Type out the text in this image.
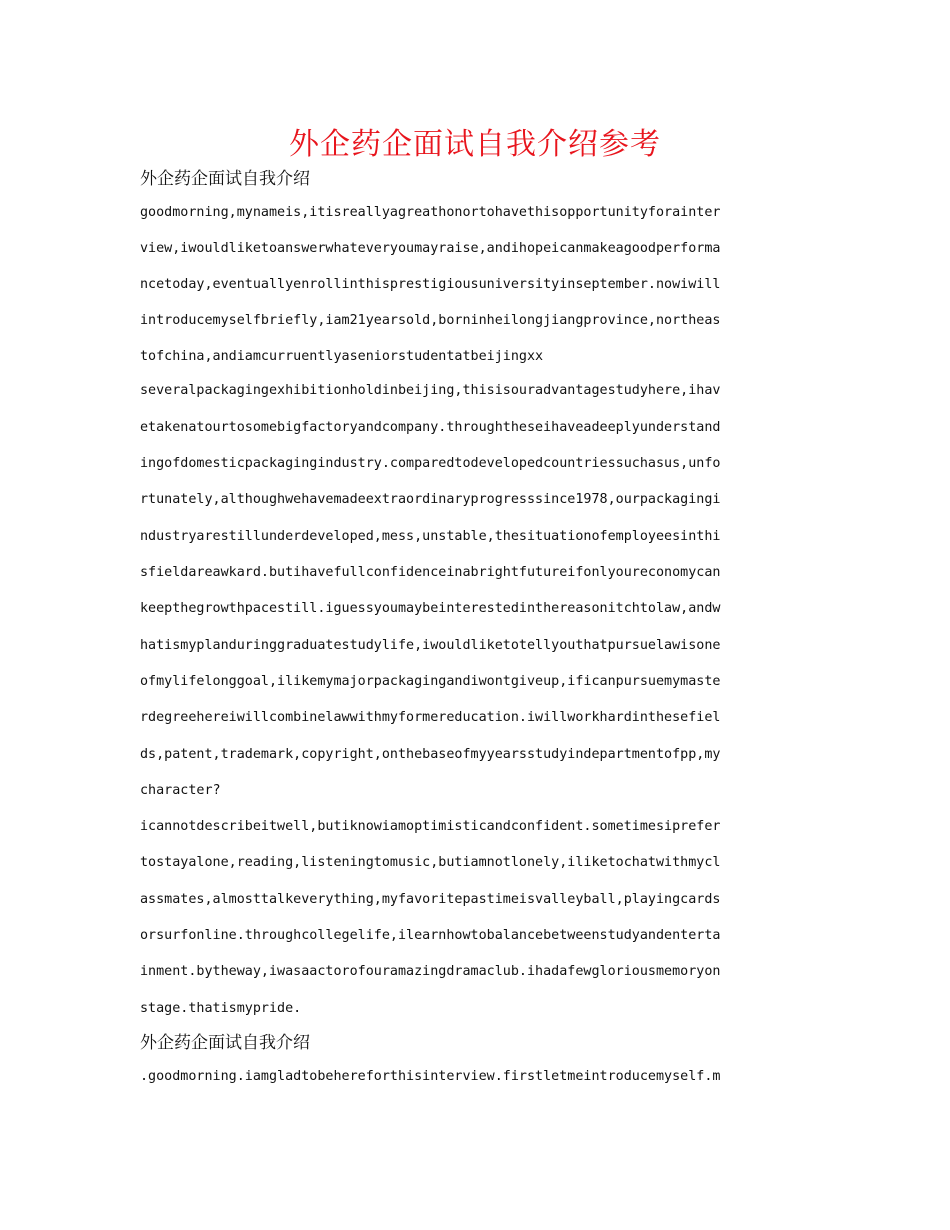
外企药企面试自我介绍参考
外企药企面试自我介绍
goodmorning,mynameis,itisreallyagreathonortohavethisopportunityforainter
view,iwouldliketoanswerwhateveryoumayraise,andihopeicanmakeagoodperforma
ncetoday,eventuallyenrollinthisprestigiousuniversityinseptember.nowiwill
introducemyselfbriefly,iam21yearsold,borninheilongjiangprovince,northeas
tofchina,andiamcurruentlyaseniorstudentatbeijingxx
severalpackagingexhibitionholdinbeijing,thisisouradvantagestudyhere,ihav
etakenatourtosomebigfactoryandcompany.throughtheseihaveadeeplyunderstand
ingofdomesticpackagingindustry.comparedtodevelopedcountriessuchasus,unfo
rtunately,althoughwehavemadeextraordinaryprogresssince1978,ourpackagingi
ndustryarestillunderdeveloped,mess,unstable,thesituationofemployeesinthi
sfieldareawkard.butihavefullconfidenceinabrightfutureifonlyoureconomycan
keepthegrowthpacestill.iguessyoumaybeinterestedinthereasonitchtolaw,andw
hatismyplanduringgraduatestudylife,iwouldliketotellyouthatpursuelawisone
ofmylifelonggoal,ilikemymajorpackagingandiwontgiveup,ificanpursuemymaste
rdegreehereiwillcombinelawwithmyformereducation.iwillworkhardinthesefiel
ds,patent,trademark,copyright,onthebaseofmyyearsstudyindepartmentofpp,my
character?
icannotdescribeitwell,butiknowiamoptimisticandconfident.sometimesiprefer
tostayalone,reading,listeningtomusic,butiamnotlonely,iliketochatwithmycl
assmates,almosttalkeverything,myfavoritepastimeisvalleyball,playingcards
orsurfonline.throughcollegelife,ilearnhowtobalancebetweenstudyandenterta
inment.bytheway,iwasaactorofouramazingdramaclub.ihadafewgloriousmemoryon
stage.thatismypride.
外企药企面试自我介绍
.goodmorning.iamgladtobehereforthisinterview.firstletmeintroducemyself.m
